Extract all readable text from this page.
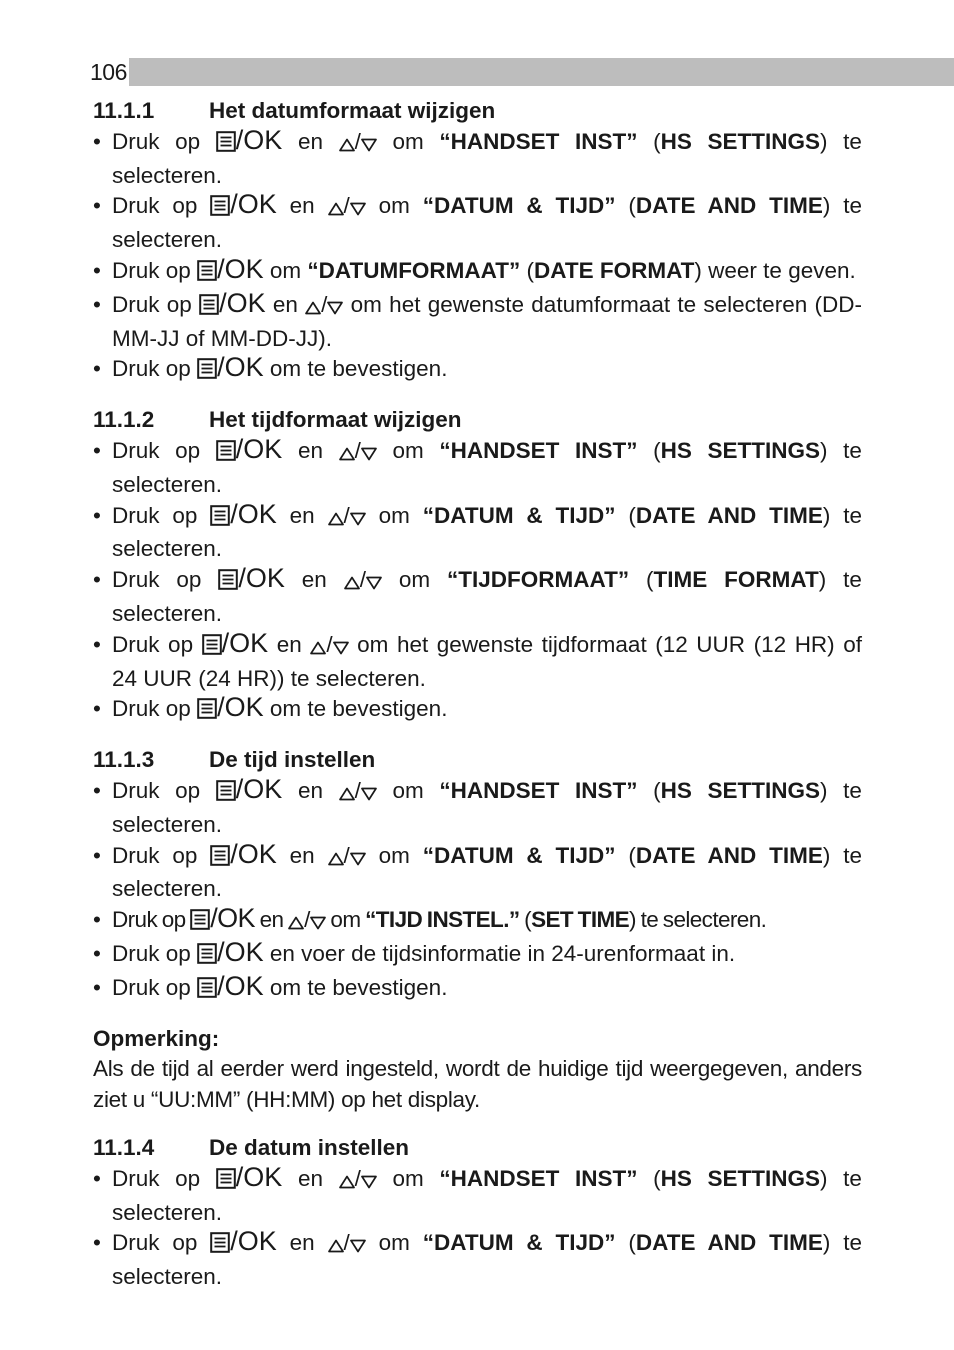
106
11.1.1 Het datumformaat wijzigen
• Druk op /OK en / om “HANDSET INST” (HS SETTINGS) te selecteren.
• Druk op /OK en / om “DATUM & TIJD” (DATE AND TIME) te selecteren.
• Druk op /OK om “DATUMFORMAAT” (DATE FORMAT) weer te geven.
• Druk op /OK en / om het gewenste datumformaat te selecteren (DD-MM-JJ of MM-DD-JJ).
• Druk op /OK om te bevestigen.
11.1.2 Het tijdformaat wijzigen
• Druk op /OK en / om “HANDSET INST” (HS SETTINGS) te selecteren.
• Druk op /OK en / om “DATUM & TIJD” (DATE AND TIME) te selecteren.
• Druk op /OK en / om “TIJDFORMAAT” (TIME FORMAT) te selecteren.
• Druk op /OK en / om het gewenste tijdformaat (12 UUR (12 HR) of 24 UUR (24 HR)) te selecteren.
• Druk op /OK om te bevestigen.
11.1.3 De tijd instellen
• Druk op /OK en / om “HANDSET INST” (HS SETTINGS) te selecteren.
• Druk op /OK en / om “DATUM & TIJD” (DATE AND TIME) te selecteren.
• Druk op /OK en / om “TIJD INSTEL.” (SET TIME) te selecteren.
• Druk op /OK en voer de tijdsinformatie in 24-urenformaat in.
• Druk op /OK om te bevestigen.
Opmerking:
Als de tijd al eerder werd ingesteld, wordt de huidige tijd weergegeven, anders ziet u “UU:MM” (HH:MM) op het display.
11.1.4 De datum instellen
• Druk op /OK en / om “HANDSET INST” (HS SETTINGS) te selecteren.
• Druk op /OK en / om “DATUM & TIJD” (DATE AND TIME) te selecteren.
